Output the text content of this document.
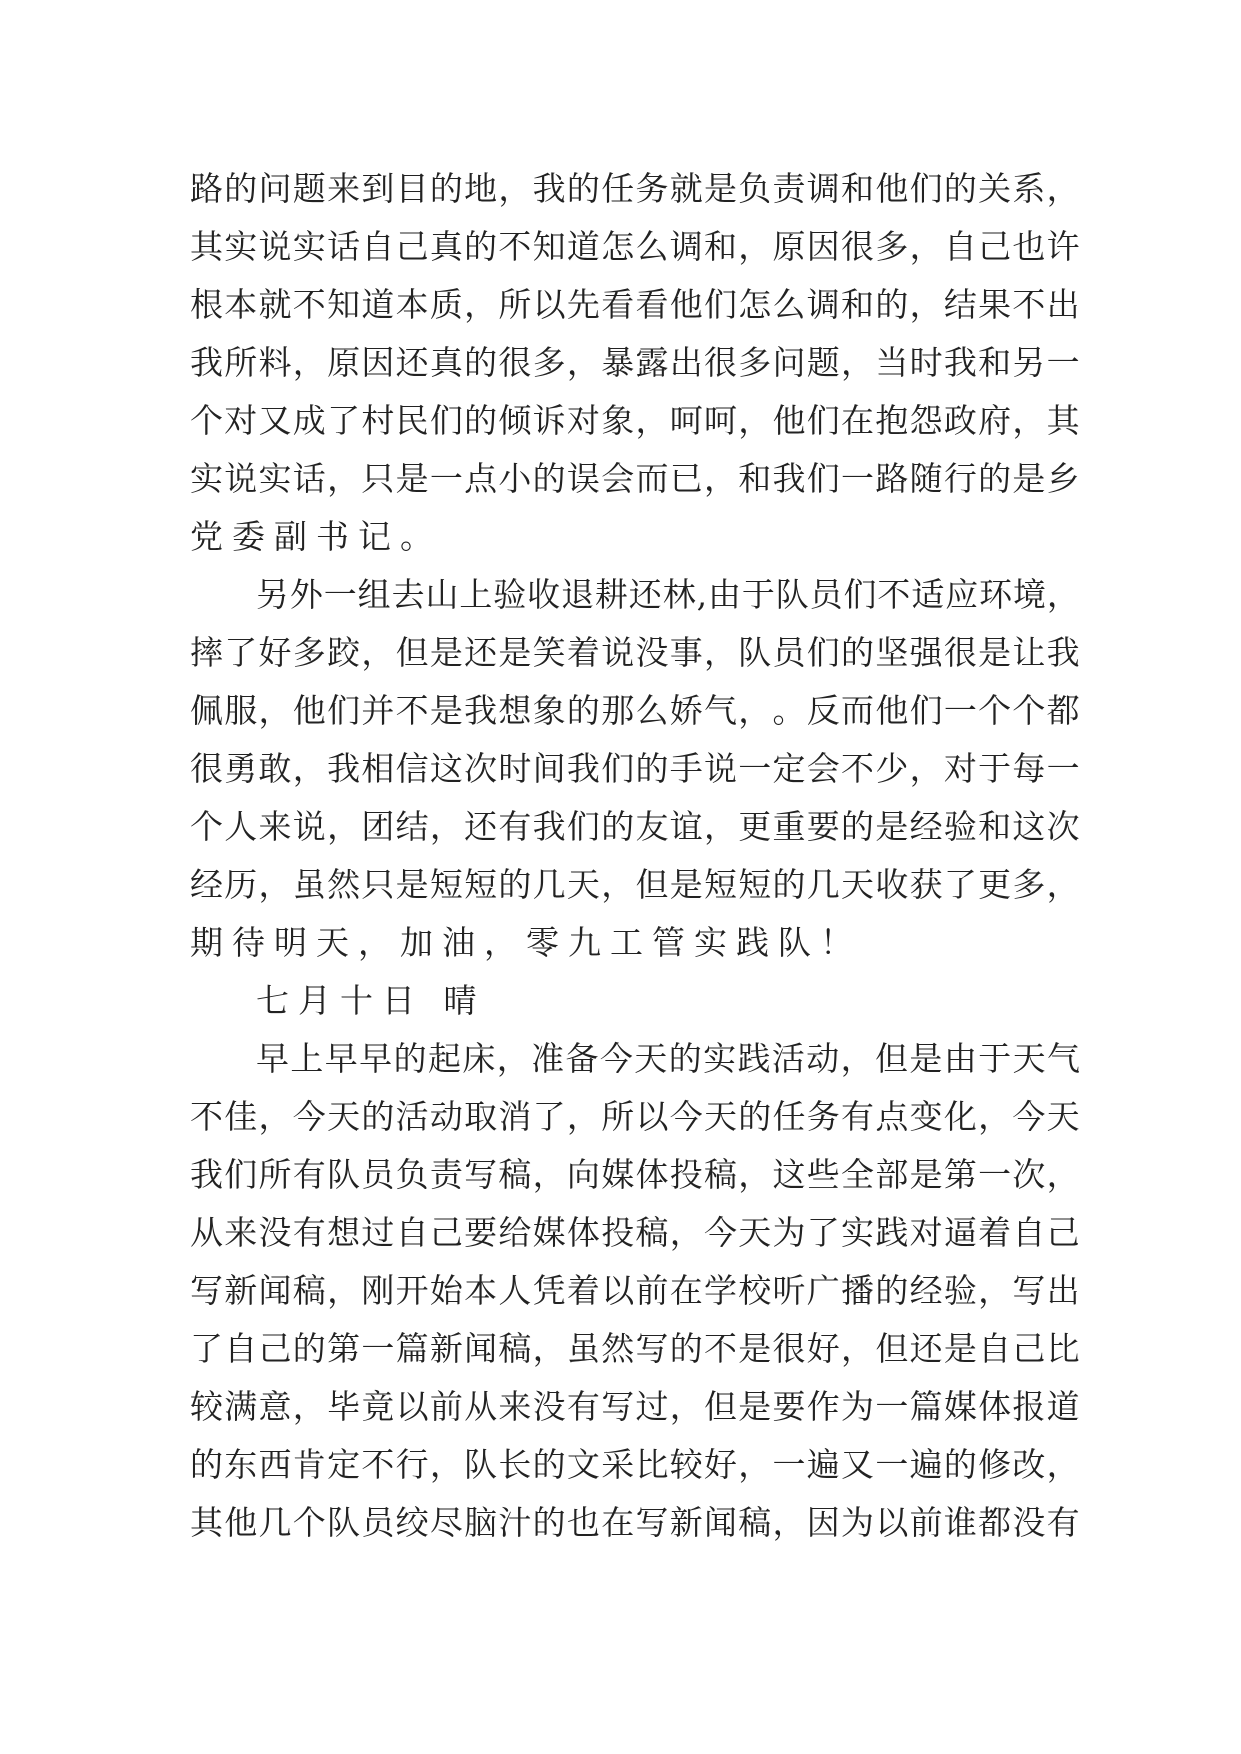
路 的 问 题 来 到 目 的 地 ， 我 的 任 务 就 是 负 责 调 和 他 们 的 关 系 ，
其 实 说 实 话 自 己 真 的 不 知 道 怎 么 调 和 ， 原 因 很 多 ， 自 己 也 许
根 本 就 不 知 道 本 质 ， 所 以 先 看 看 他 们 怎 么 调 和 的 ， 结 果 不 出
我 所 料 ， 原 因 还 真 的 很 多 ， 暴 露 出 很 多 问 题 ， 当 时 我 和 另 一
个 对 又 成 了 村 民 们 的 倾 诉 对 象 ， 呵 呵 ， 他 们 在 抱 怨 政 府 ， 其
实 说 实 话 ， 只 是 一 点 小 的 误 会 而 已 ， 和 我 们 一 路 随 行 的 是 乡
党委副书记。
另 外 一 组 去 山 上 验 收 退 耕 还 林 , 由 于 队 员 们 不 适 应 环 境 ，
摔 了 好 多 跤 ， 但 是 还 是 笑 着 说 没 事 ， 队 员 们 的 坚 强 很 是 让 我
佩 服 ， 他 们 并 不 是 我 想 象 的 那 么 娇 气 ， 。 反 而 他 们 一 个 个 都
很 勇 敢 ， 我 相 信 这 次 时 间 我 们 的 手 说 一 定 会 不 少 ， 对 于 每 一
个 人 来 说 ， 团 结 ， 还 有 我 们 的 友 谊 ， 更 重 要 的 是 经 验 和 这 次
经 历 ， 虽 然 只 是 短 短 的 几 天 ， 但 是 短 短 的 几 天 收 获 了 更 多 ，
期待明天，加油，零九工管实践队！
七月十日 晴
早 上 早 早 的 起 床 ， 准 备 今 天 的 实 践 活 动 ， 但 是 由 于 天 气
不 佳 ， 今 天 的 活 动 取 消 了 ， 所 以 今 天 的 任 务 有 点 变 化 ， 今 天
我 们 所 有 队 员 负 责 写 稿 ， 向 媒 体 投 稿 ， 这 些 全 部 是 第 一 次 ，
从 来 没 有 想 过 自 己 要 给 媒 体 投 稿 ， 今 天 为 了 实 践 对 逼 着 自 己
写 新 闻 稿 ， 刚 开 始 本 人 凭 着 以 前 在 学 校 听 广 播 的 经 验 ， 写 出
了 自 己 的 第 一 篇 新 闻 稿 ， 虽 然 写 的 不 是 很 好 ， 但 还 是 自 己 比
较 满 意 ， 毕 竟 以 前 从 来 没 有 写 过 ， 但 是 要 作 为 一 篇 媒 体 报 道
的 东 西 肯 定 不 行 ， 队 长 的 文 采 比 较 好 ， 一 遍 又 一 遍 的 修 改 ，
其 他 几 个 队 员 绞 尽 脑 汁 的 也 在 写 新 闻 稿 ， 因 为 以 前 谁 都 没 有
